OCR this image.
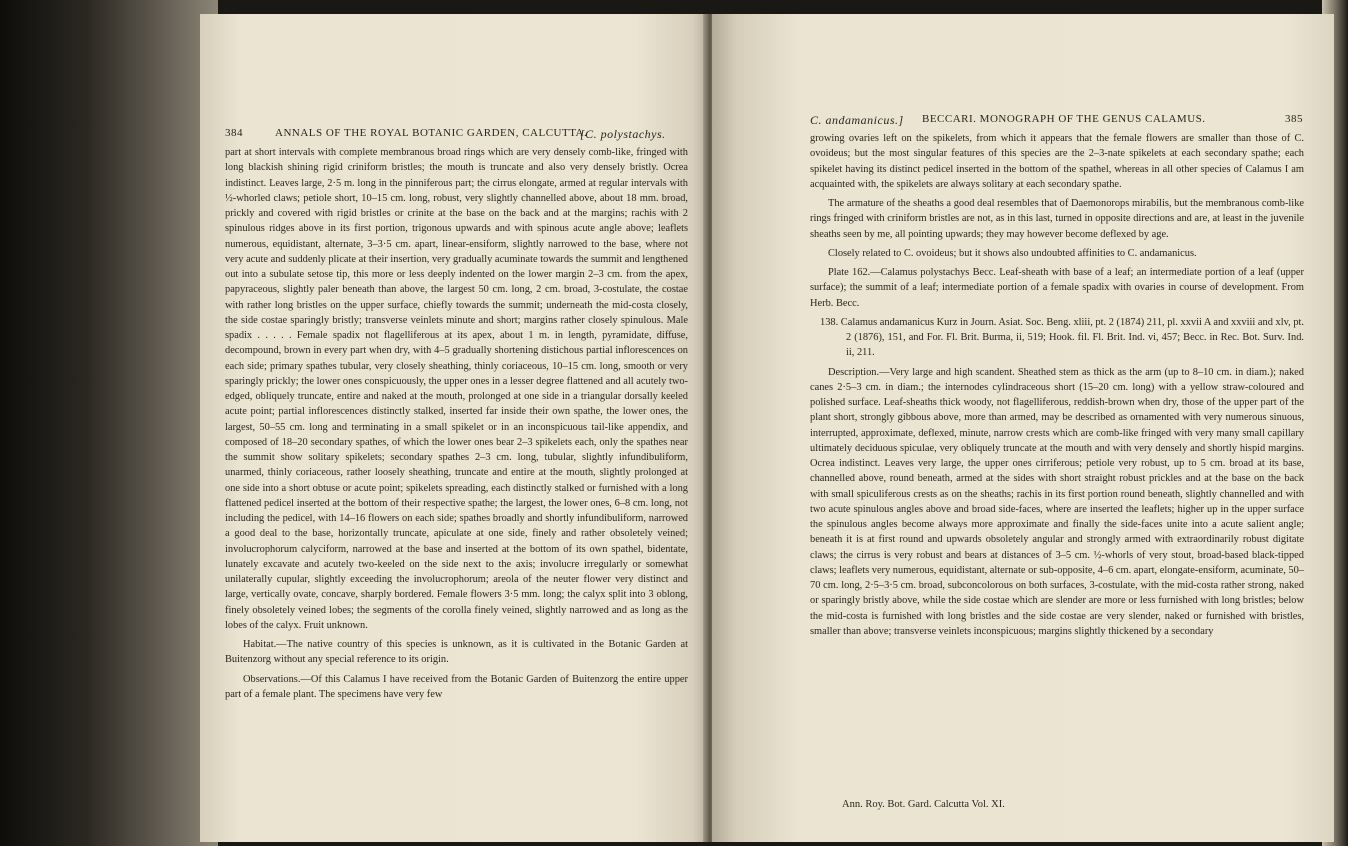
384	ANNALS OF THE ROYAL BOTANIC GARDEN, CALCUTTA.
[C. polystachys.

part at short intervals with complete membranous broad rings which are very densely comb-like, fringed with long blackish shining rigid criniform bristles; the mouth is truncate and also very densely bristly. Ocrea indistinct. Leaves large, 2·5 m. long in the pinniferous part; the cirrus elongate, armed at regular intervals with ½-whorled claws; petiole short, 10–15 cm. long, robust, very slightly channelled above, about 18 mm. broad, prickly and covered with rigid bristles or crinite at the base on the back and at the margins; rachis with 2 spinulous ridges above in its first portion, trigonous upwards and with spinous acute angle above; leaflets numerous, equidistant, alternate, 3–3·5 cm. apart, linear-ensiform, slightly narrowed to the base, where not very acute and suddenly plicate at their insertion, very gradually acuminate towards the summit and lengthened out into a subulate setose tip, this more or less deeply indented on the lower margin 2–3 cm. from the apex, papyraceous, slightly paler beneath than above, the largest 50 cm. long, 2 cm. broad, 3-costulate, the costae with rather long bristles on the upper surface, chiefly towards the summit; underneath the mid-costa closely, the side costae sparingly bristly; transverse veinlets minute and short; margins rather closely spinulous. Male spadix . . . . . Female spadix not flagelliferous at its apex, about 1 m. in length, pyramidate, diffuse, decompound, brown in every part when dry, with 4–5 gradually shortening distichous partial inflorescences on each side; primary spathes tubular, very closely sheathing, thinly coriaceous, 10–15 cm. long, smooth or very sparingly prickly; the lower ones conspicuously, the upper ones in a lesser degree flattened and all acutely two-edged, obliquely truncate, entire and naked at the mouth, prolonged at one side in a triangular dorsally keeled acute point; partial inflorescences distinctly stalked, inserted far inside their own spathe, the lower ones, the largest, 50–55 cm. long and terminating in a small spikelet or in an inconspicuous tail-like appendix, and composed of 18–20 secondary spathes, of which the lower ones bear 2–3 spikelets each, only the spathes near the summit show solitary spikelets; secondary spathes 2–3 cm. long, tubular, slightly infundibuliform, unarmed, thinly coriaceous, rather loosely sheathing, truncate and entire at the mouth, slightly prolonged at one side into a short obtuse or acute point; spikelets spreading, each distinctly stalked or furnished with a long flattened pedicel inserted at the bottom of their respective spathe; the largest, the lower ones, 6–8 cm. long, not including the pedicel, with 14–16 flowers on each side; spathes broadly and shortly infundibuliform, narrowed a good deal to the base, horizontally truncate, apiculate at one side, finely and rather obsoletely veined; involucrophorum calyciform, narrowed at the base and inserted at the bottom of its own spathel, bidentate, lunately excavate and acutely two-keeled on the side next to the axis; involucre irregularly or somewhat unilaterally cupular, slightly exceeding the involucrophorum; areola of the neuter flower very distinct and large, vertically ovate, concave, sharply bordered. Female flowers 3·5 mm. long; the calyx split into 3 oblong, finely obsoletely veined lobes; the segments of the corolla finely veined, slightly narrowed and as long as the lobes of the calyx. Fruit unknown.

Habitat.—The native country of this species is unknown, as it is cultivated in the Botanic Garden at Buitenzorg without any special reference to its origin.

Observations.—Of this Calamus I have received from the Botanic Garden of Buitenzorg the entire upper part of a female plant. The specimens have very few

C. andamanicus.] BECCARI. MONOGRAPH OF THE GENUS CALAMUS.	385

growing ovaries left on the spikelets, from which it appears that the female flowers are smaller than those of C. ovoideus; but the most singular features of this species are the 2–3-nate spikelets at each secondary spathe; each spikelet having its distinct pedicel inserted in the bottom of the spathel, whereas in all other species of Calamus I am acquainted with, the spikelets are always solitary at each secondary spathe.

The armature of the sheaths a good deal resembles that of Daemonorops mirabilis, but the membranous comb-like rings fringed with criniform bristles are not, as in this last, turned in opposite directions and are, at least in the juvenile sheaths seen by me, all pointing upwards; they may however become deflexed by age.

Closely related to C. ovoideus; but it shows also undoubted affinities to C. andamanicus.

Plate 162.—Calamus polystachys Becc. Leaf-sheath with base of a leaf; an intermediate portion of a leaf (upper surface); the summit of a leaf; intermediate portion of a female spadix with ovaries in course of development. From Herb. Becc.

138. Calamus andamanicus Kurz in Journ. Asiat. Soc. Beng. xliii, pt. 2 (1874) 211, pl. xxvii A and xxviii and xlv, pt. 2 (1876), 151, and For. Fl. Brit. Burma, ii, 519; Hook. fil. Fl. Brit. Ind. vi, 457; Becc. in Rec. Bot. Surv. Ind. ii, 211.

Description.—Very large and high scandent. Sheathed stem as thick as the arm (up to 8–10 cm. in diam.); naked canes 2·5–3 cm. in diam.; the internodes cylindraceous short (15–20 cm. long) with a yellow straw-coloured and polished surface. Leaf-sheaths thick woody, not flagelliferous, reddish-brown when dry, those of the upper part of the plant short, strongly gibbous above, more than armed, may be described as ornamented with very numerous sinuous, interrupted, approximate, deflexed, minute, narrow crests which are comb-like fringed with very many small capillary ultimately deciduous spiculae, very obliquely truncate at the mouth and with very densely and shortly hispid margins. Ocrea indistinct. Leaves very large, the upper ones cirriferous; petiole very robust, up to 5 cm. broad at its base, channelled above, round beneath, armed at the sides with short straight robust prickles and at the base on the back with small spiculiferous crests as on the sheaths; rachis in its first portion round beneath, slightly channelled and with two acute spinulous angles above and broad side-faces, where are inserted the leaflets; higher up in the upper surface the spinulous angles become always more approximate and finally the side-faces unite into a acute salient angle; beneath it is at first round and upwards obsoletely angular and strongly armed with extraordinarily robust digitate claws; the cirrus is very robust and bears at distances of 3–5 cm. ½-whorls of very stout, broad-based black-tipped claws; leaflets very numerous, equidistant, alternate or sub-opposite, 4–6 cm. apart, elongate-ensiform, acuminate, 50–70 cm. long, 2·5–3·5 cm. broad, subconcolorous on both surfaces, 3-costulate, with the mid-costa rather strong, naked or sparingly bristly above, while the side costae which are slender are more or less furnished with long bristles; below the mid-costa is furnished with long bristles and the side costae are very slender, naked or furnished with bristles, smaller than above; transverse veinlets inconspicuous; margins slightly thickened by a secondary

Ann. Roy. Bot. Gard. Calcutta Vol. XI.
